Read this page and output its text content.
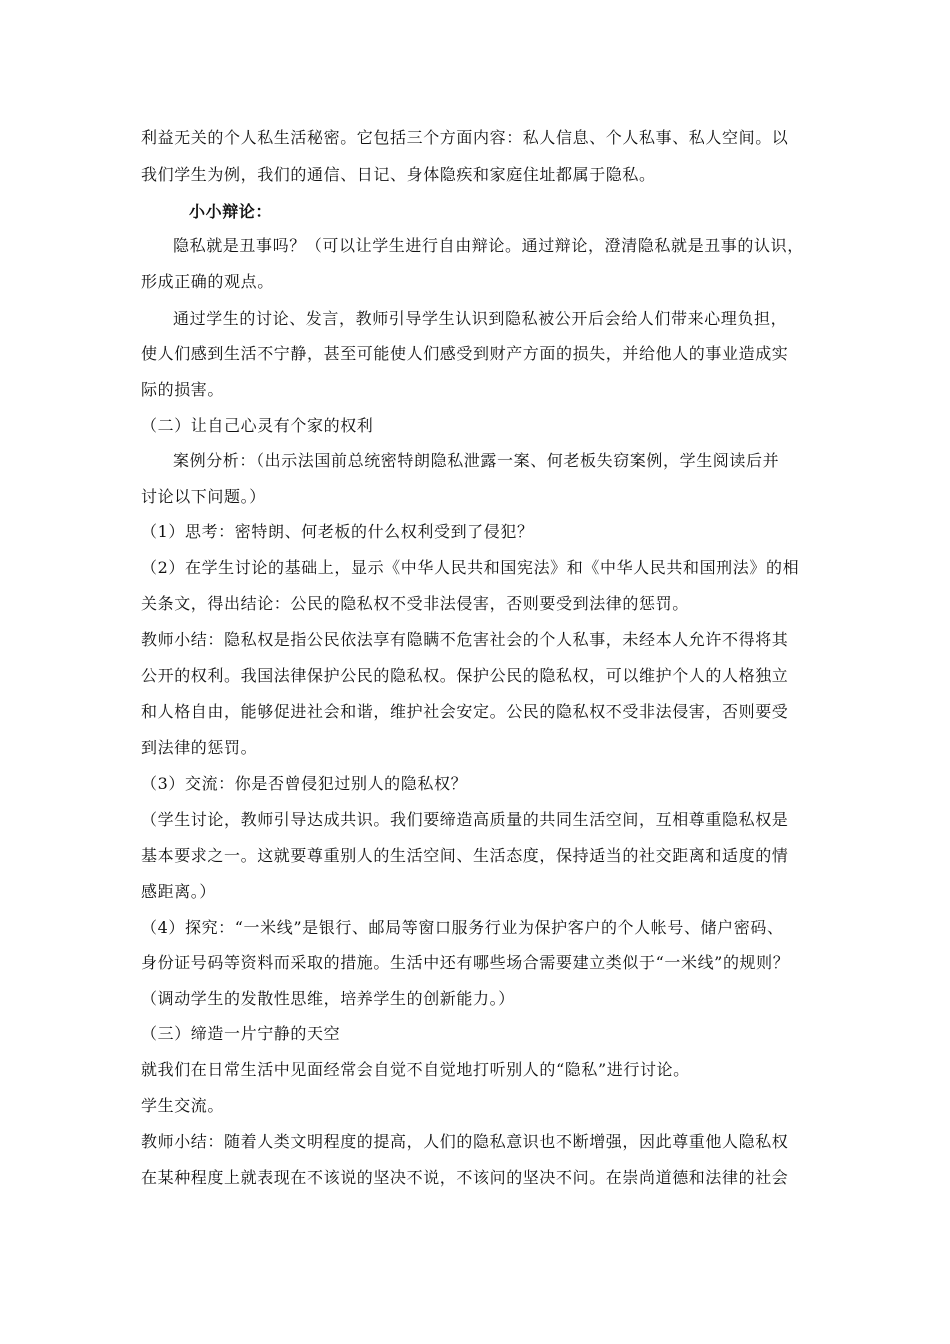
利益无关的个人私生活秘密。它包括三个方面内容：私人信息、个人私事、私人空间。以
我们学生为例，我们的通信、日记、身体隐疾和家庭住址都属于隐私。
小小辩论：
隐私就是丑事吗？（可以让学生进行自由辩论。通过辩论，澄清隐私就是丑事的认识，
形成正确的观点。
通过学生的讨论、发言，教师引导学生认识到隐私被公开后会给人们带来心理负担，
使人们感到生活不宁静，甚至可能使人们感受到财产方面的损失，并给他人的事业造成实
际的损害。
（二）让自己心灵有个家的权利
案例分析：（出示法国前总统密特朗隐私泄露一案、何老板失窃案例，学生阅读后并
讨论以下问题。）
（1）思考：密特朗、何老板的什么权利受到了侵犯？
（2）在学生讨论的基础上，显示《中华人民共和国宪法》和《中华人民共和国刑法》的相
关条文，得出结论：公民的隐私权不受非法侵害，否则要受到法律的惩罚。
教师小结：隐私权是指公民依法享有隐瞒不危害社会的个人私事，未经本人允许不得将其
公开的权利。我国法律保护公民的隐私权。保护公民的隐私权，可以维护个人的人格独立
和人格自由，能够促进社会和谐，维护社会安定。公民的隐私权不受非法侵害，否则要受
到法律的惩罚。
（3）交流：你是否曾侵犯过别人的隐私权？
（学生讨论，教师引导达成共识。我们要缔造高质量的共同生活空间，互相尊重隐私权是
基本要求之一。这就要尊重别人的生活空间、生活态度，保持适当的社交距离和适度的情
感距离。）
（4）探究：“一米线”是银行、邮局等窗口服务行业为保护客户的个人帐号、储户密码、
身份证号码等资料而采取的措施。生活中还有哪些场合需要建立类似于“一米线”的规则？
（调动学生的发散性思维，培养学生的创新能力。）
（三）缔造一片宁静的天空
就我们在日常生活中见面经常会自觉不自觉地打听别人的“隐私”进行讨论。
学生交流。
教师小结：随着人类文明程度的提高，人们的隐私意识也不断增强，因此尊重他人隐私权
在某种程度上就表现在不该说的坚决不说，不该问的坚决不问。在崇尚道德和法律的社会
